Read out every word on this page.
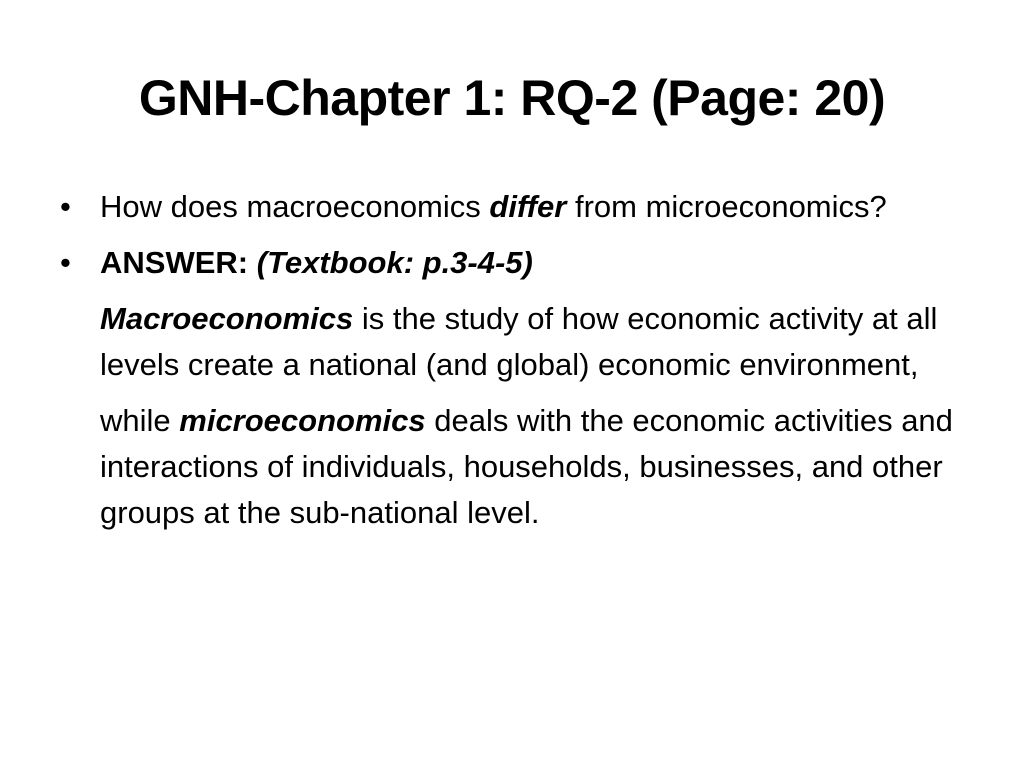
GNH-Chapter 1: RQ-2 (Page: 20)
• How does macroeconomics differ from microeconomics?
• ANSWER: (Textbook: p.3-4-5)
Macroeconomics is the study of how economic activity at all levels create a national (and global) economic environment,
while microeconomics deals with the economic activities and interactions of individuals, households, businesses, and other groups at the sub-national level.
